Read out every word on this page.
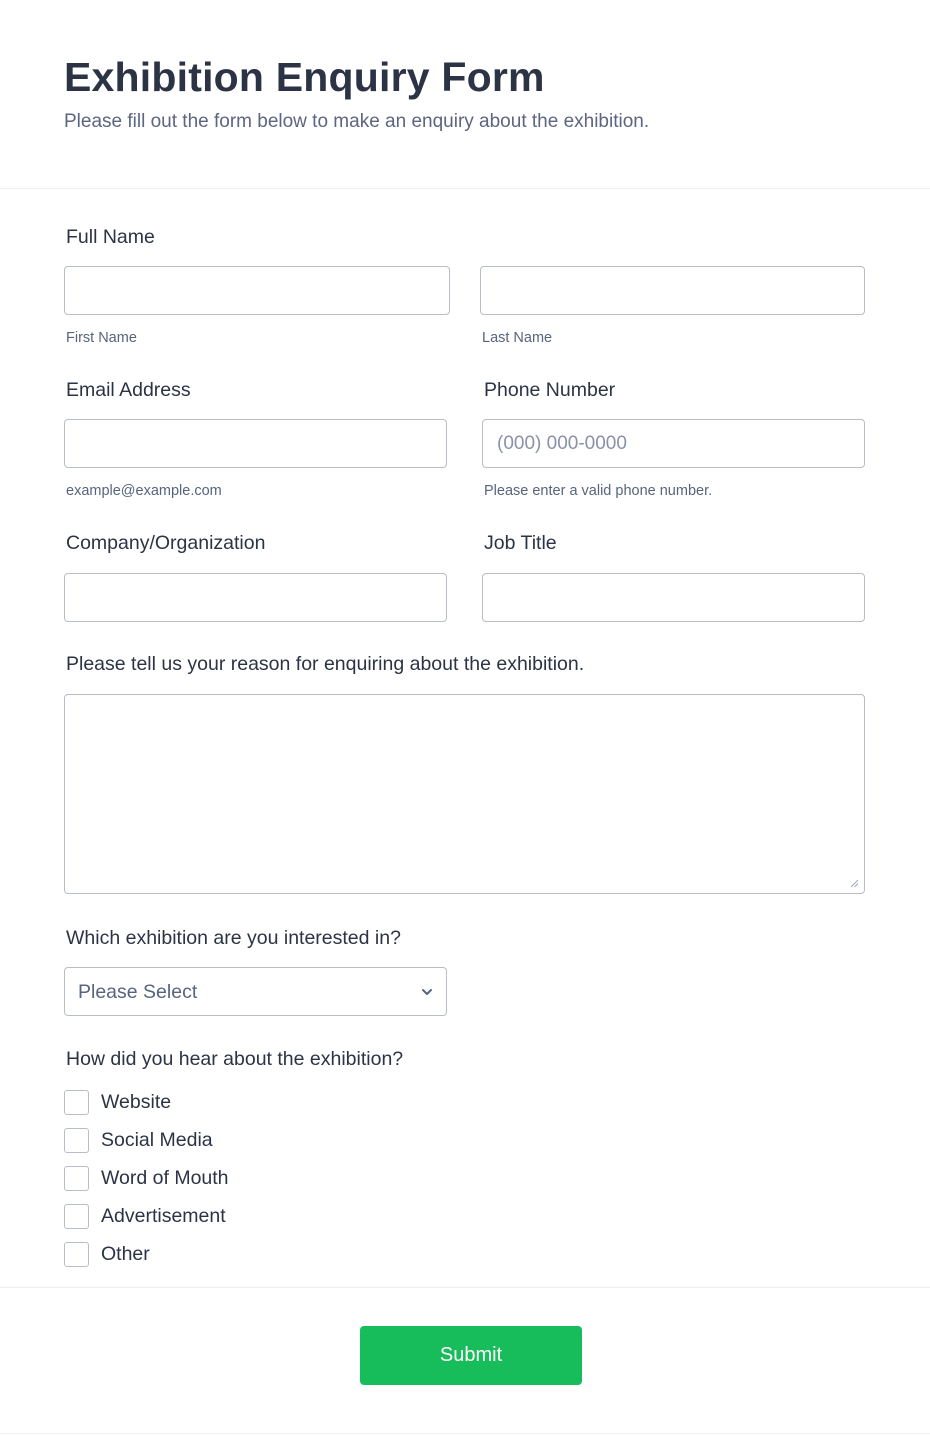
Exhibition Enquiry Form
Please fill out the form below to make an enquiry about the exhibition.
Full Name
First Name	Last Name
Email Address	Phone Number
(000) 000-0000
example@example.com	Please enter a valid phone number.
Company/Organization	Job Title
Please tell us your reason for enquiring about the exhibition.
Which exhibition are you interested in?
Please Select
How did you hear about the exhibition?
Website
Social Media
Word of Mouth
Advertisement
Other
Submit
